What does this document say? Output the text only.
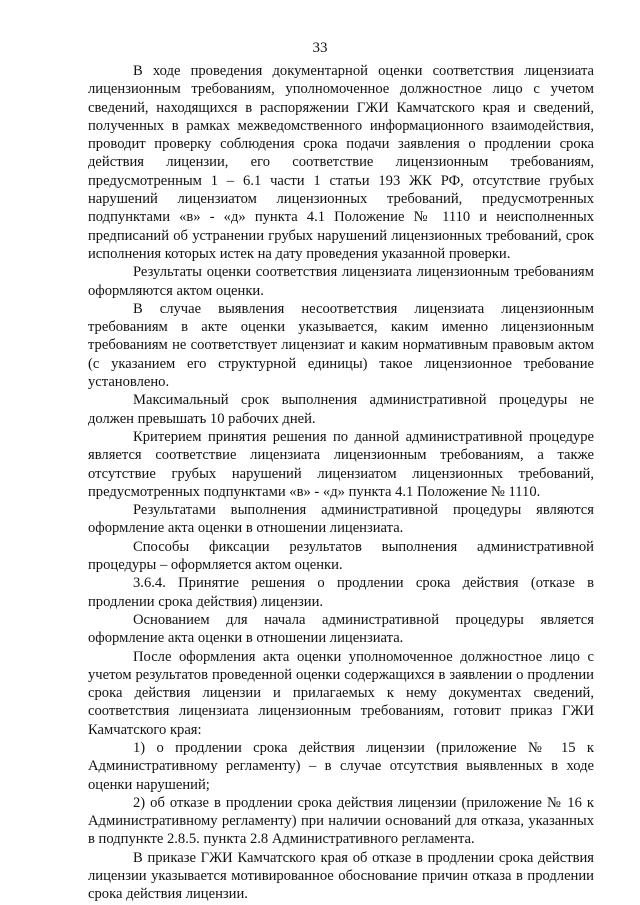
33

В ходе проведения документарной оценки соответствия лицензиата лицензионным требованиям, уполномоченное должностное лицо с учетом сведений, находящихся в распоряжении ГЖИ Камчатского края и сведений, полученных в рамках межведомственного информационного взаимодействия, проводит проверку соблюдения срока подачи заявления о продлении срока действия лицензии, его соответствие лицензионным требованиям, предусмотренным 1 – 6.1 части 1 статьи 193 ЖК РФ, отсутствие грубых нарушений лицензиатом лицензионных требований, предусмотренных подпунктами «в» - «д» пункта 4.1 Положение № 1110 и неисполненных предписаний об устранении грубых нарушений лицензионных требований, срок исполнения которых истек на дату проведения указанной проверки.

Результаты оценки соответствия лицензиата лицензионным требованиям оформляются актом оценки.

В случае выявления несоответствия лицензиата лицензионным требованиям в акте оценки указывается, каким именно лицензионным требованиям не соответствует лицензиат и каким нормативным правовым актом (с указанием его структурной единицы) такое лицензионное требование установлено.

Максимальный срок выполнения административной процедуры не должен превышать 10 рабочих дней.

Критерием принятия решения по данной административной процедуре является соответствие лицензиата лицензионным требованиям, а также отсутствие грубых нарушений лицензиатом лицензионных требований, предусмотренных подпунктами «в» - «д» пункта 4.1 Положение № 1110.

Результатами выполнения административной процедуры являются оформление акта оценки в отношении лицензиата.

Способы фиксации результатов выполнения административной процедуры – оформляется актом оценки.

3.6.4. Принятие решения о продлении срока действия (отказе в продлении срока действия) лицензии.

Основанием для начала административной процедуры является оформление акта оценки в отношении лицензиата.

После оформления акта оценки уполномоченное должностное лицо с учетом результатов проведенной оценки содержащихся в заявлении о продлении срока действия лицензии и прилагаемых к нему документах сведений, соответствия лицензиата лицензионным требованиям, готовит приказ ГЖИ Камчатского края:

1) о продлении срока действия лицензии (приложение № 15 к Административному регламенту) – в случае отсутствия выявленных в ходе оценки нарушений;

2) об отказе в продлении срока действия лицензии (приложение № 16 к Административному регламенту) при наличии оснований для отказа, указанных в подпункте 2.8.5. пункта 2.8 Административного регламента.

В приказе ГЖИ Камчатского края об отказе в продлении срока действия лицензии указывается мотивированное обоснование причин отказа в продлении срока действия лицензии.
